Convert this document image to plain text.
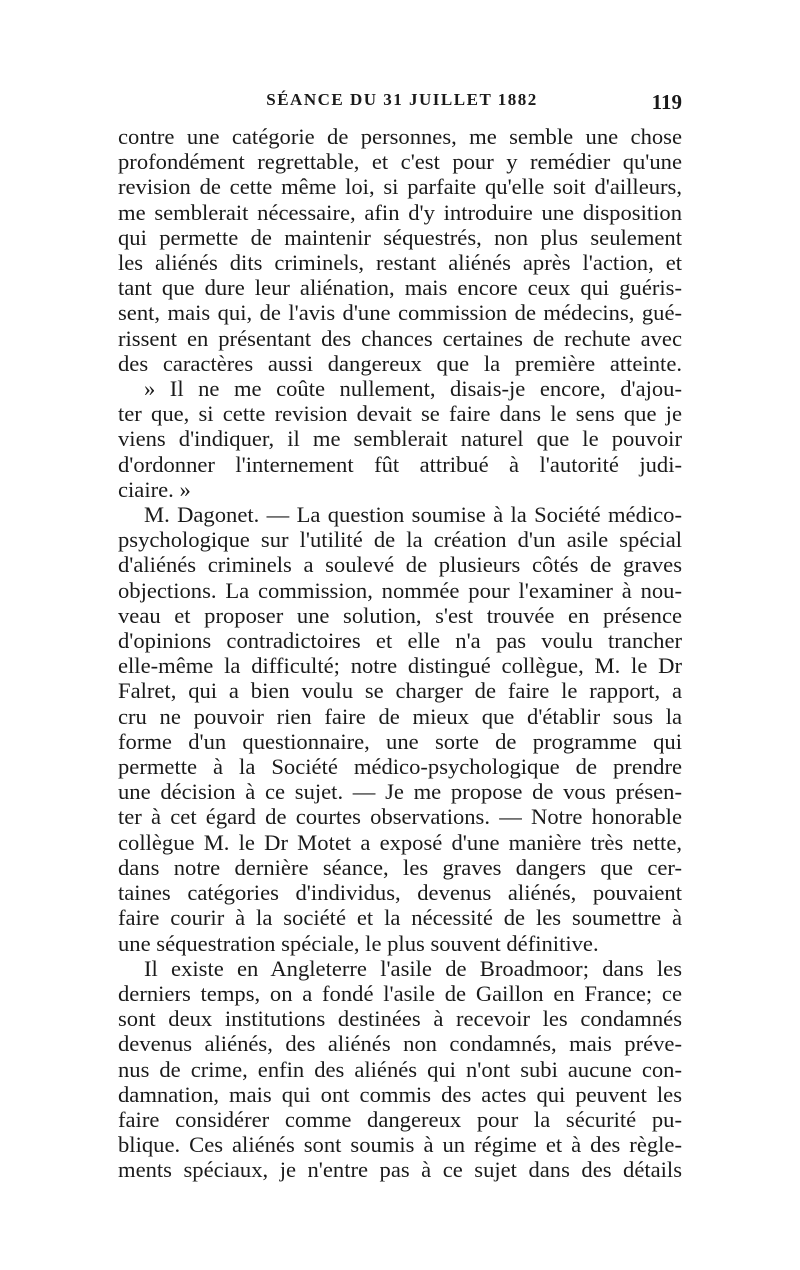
SÉANCE DU 31 JUILLET 1882	119
contre une catégorie de personnes, me semble une chose
profondément regrettable, et c'est pour y remédier qu'une
revision de cette même loi, si parfaite qu'elle soit d'ailleurs,
me semblerait nécessaire, afin d'y introduire une disposition
qui permette de maintenir séquestrés, non plus seulement
les aliénés dits criminels, restant aliénés après l'action, et
tant que dure leur aliénation, mais encore ceux qui guéris-
sent, mais qui, de l'avis d'une commission de médecins, gué-
rissent en présentant des chances certaines de rechute avec
des caractères aussi dangereux que la première atteinte.
» Il ne me coûte nullement, disais-je encore, d'ajou-
ter que, si cette revision devait se faire dans le sens que je
viens d'indiquer, il me semblerait naturel que le pouvoir
d'ordonner l'internement fût attribué à l'autorité judi-
ciaire. »
M. Dagonet. — La question soumise à la Société médico-
psychologique sur l'utilité de la création d'un asile spécial
d'aliénés criminels a soulevé de plusieurs côtés de graves
objections. La commission, nommée pour l'examiner à nou-
veau et proposer une solution, s'est trouvée en présence
d'opinions contradictoires et elle n'a pas voulu trancher
elle-même la difficulté; notre distingué collègue, M. le Dr
Falret, qui a bien voulu se charger de faire le rapport, a
cru ne pouvoir rien faire de mieux que d'établir sous la
forme d'un questionnaire, une sorte de programme qui
permette à la Société médico-psychologique de prendre
une décision à ce sujet. — Je me propose de vous présen-
ter à cet égard de courtes observations. — Notre honorable
collègue M. le Dr Motet a exposé d'une manière très nette,
dans notre dernière séance, les graves dangers que cer-
taines catégories d'individus, devenus aliénés, pouvaient
faire courir à la société et la nécessité de les soumettre à
une séquestration spéciale, le plus souvent définitive.
Il existe en Angleterre l'asile de Broadmoor; dans les
derniers temps, on a fondé l'asile de Gaillon en France; ce
sont deux institutions destinées à recevoir les condamnés
devenus aliénés, des aliénés non condamnés, mais préve-
nus de crime, enfin des aliénés qui n'ont subi aucune con-
damnation, mais qui ont commis des actes qui peuvent les
faire considérer comme dangereux pour la sécurité pu-
blique. Ces aliénés sont soumis à un régime et à des règle-
ments spéciaux, je n'entre pas à ce sujet dans des détails
